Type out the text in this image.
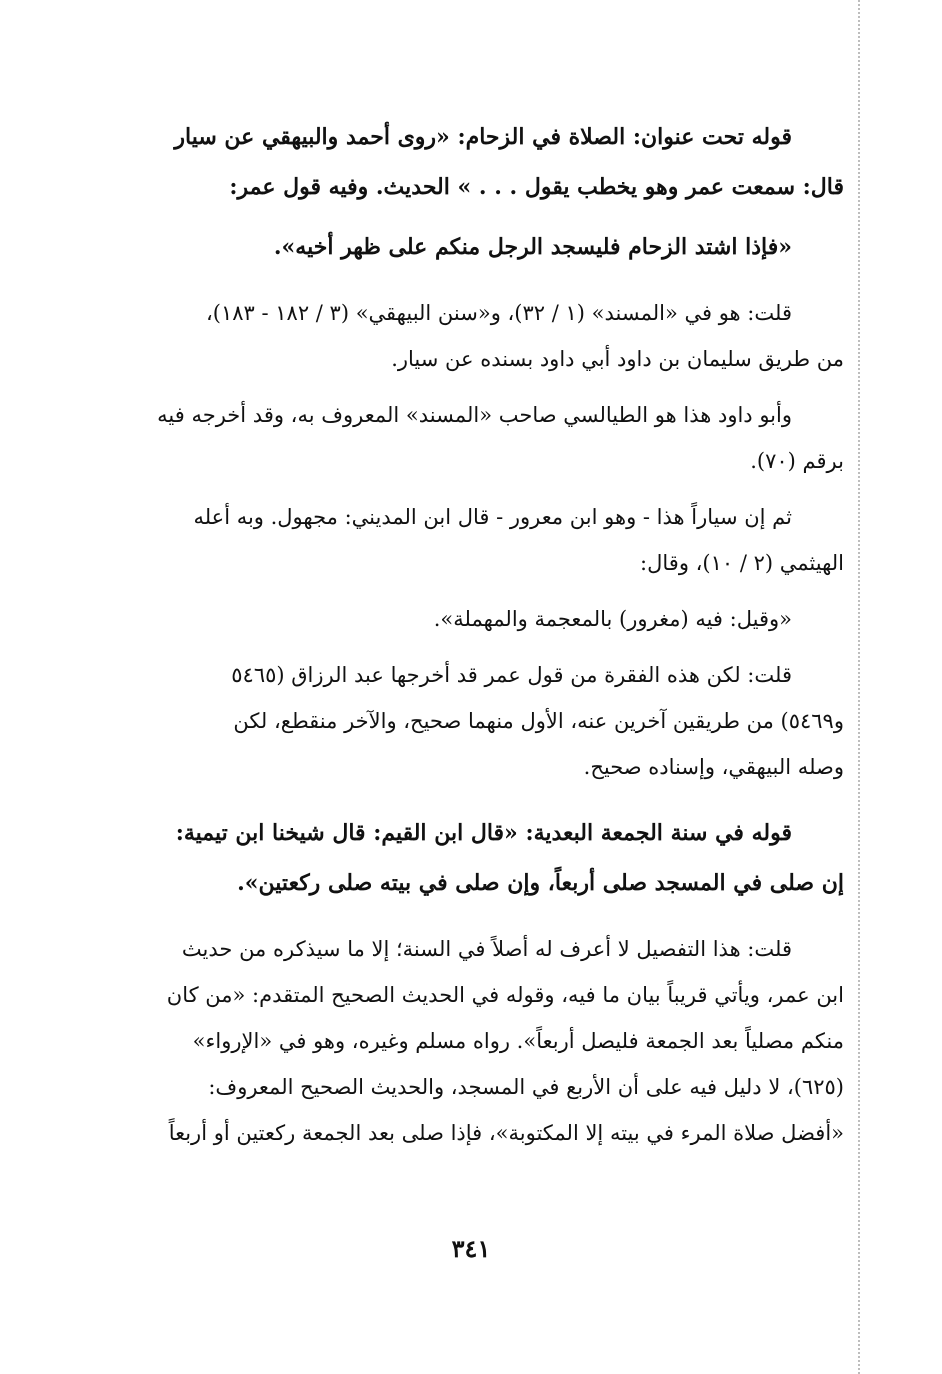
قوله تحت عنوان: الصلاة في الزحام: «روى أحمد والبيهقي عن سيار
قال: سمعت عمر وهو يخطب يقول . . . » الحديث. وفيه قول عمر:
«فإذا اشتد الزحام فليسجد الرجل منكم على ظهر أخيه».
قلت: هو في «المسند» (١ / ٣٢)، و«سنن البيهقي» (٣ / ١٨٢ - ١٨٣)،
من طريق سليمان بن داود أبي داود بسنده عن سيار.
وأبو داود هذا هو الطيالسي صاحب «المسند» المعروف به، وقد أخرجه فيه
برقم (٧٠).
ثم إن سياراً هذا - وهو ابن معرور - قال ابن المديني: مجهول. وبه أعله
الهيثمي (٢ / ١٠)، وقال:
«وقيل: فيه (مغرور) بالمعجمة والمهملة».
قلت: لكن هذه الفقرة من قول عمر قد أخرجها عبد الرزاق (٥٤٦٥
و٥٤٦٩) من طريقين آخرين عنه، الأول منهما صحيح، والآخر منقطع، لكن
وصله البيهقي، وإسناده صحيح.
قوله في سنة الجمعة البعدية: «قال ابن القيم: قال شيخنا ابن تيمية:
إن صلى في المسجد صلى أربعاً، وإن صلى في بيته صلى ركعتين».
قلت: هذا التفصيل لا أعرف له أصلاً في السنة؛ إلا ما سيذكره من حديث
ابن عمر، ويأتي قريباً بيان ما فيه، وقوله في الحديث الصحيح المتقدم: «من كان
منكم مصلياً بعد الجمعة فليصل أربعاً». رواه مسلم وغيره، وهو في «الإرواء»
(٦٢٥)، لا دليل فيه على أن الأربع في المسجد، والحديث الصحيح المعروف:
«أفضل صلاة المرء في بيته إلا المكتوبة»، فإذا صلى بعد الجمعة ركعتين أو أربعاً
٣٤١
